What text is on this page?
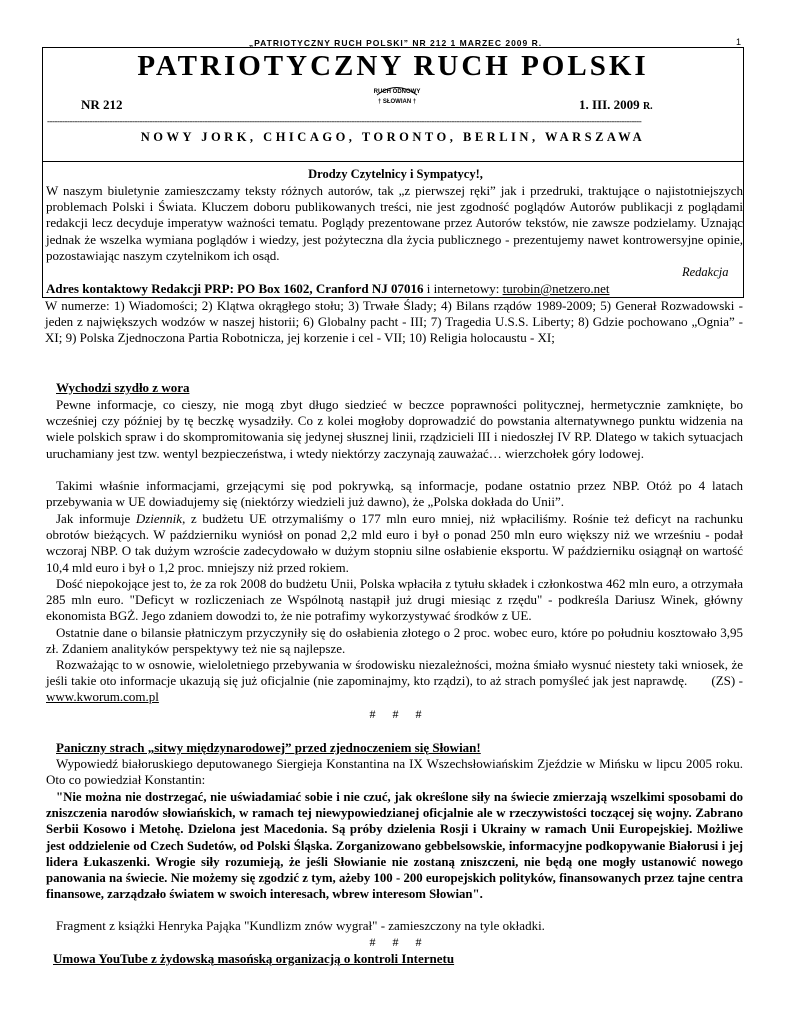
„PATRIOTYCZNY RUCH POLSKI” NR 212 1 MARZEC 2009 R.	1
PATRIOTYCZNY RUCH POLSKI
NR 212
RUCH ODNOWY
† SŁOWIAN †	1. III. 2009 R.
----------------------------------------------------------------------------------------------------------------------------------------------------------------------------------------------------------------------------------------------
NOWY JORK, CHICAGO, TORONTO, BERLIN, WARSZAWA
Drodzy Czytelnicy i Sympatycy!,
W naszym biuletynie zamieszczamy teksty różnych autorów, tak „z pierwszej ręki” jak i przedruki, traktujące o najistotniejszych problemach Polski i Świata. Kluczem doboru publikowanych treści, nie jest zgodność poglądów Autorów publikacji z poglądami redakcji lecz decyduje imperatyw ważności tematu. Poglądy prezentowane przez Autorów tekstów, nie zawsze podzielamy. Uznając jednak że wszelka wymiana poglądów i wiedzy, jest pożyteczna dla życia publicznego - prezentujemy nawet kontrowersyjne opinie, pozostawiając naszym czytelnikom ich osąd.
Redakcja
Adres kontaktowy Redakcji PRP: PO Box 1602, Cranford NJ 07016 i internetowy: turobin@netzero.net
W numerze: 1) Wiadomości; 2) Klątwa okrągłego stołu; 3) Trwałe Ślady; 4) Bilans rządów 1989-2009; 5) Generał Rozwadowski - jeden z największych wodzów w naszej historii; 6) Globalny pacht - III; 7) Tragedia U.S.S. Liberty; 8) Gdzie pochowano „Ognia” - XI; 9) Polska Zjednoczona Partia Robotnicza, jej korzenie i cel - VII; 10) Religia holocaustu - XI;
Wychodzi szydło z wora
Pewne informacje, co cieszy, nie mogą zbyt długo siedzieć w beczce poprawności politycznej, hermetycznie zamknięte, bo wcześniej czy później by tę beczkę wysadziły. Co z kolei mogłoby doprowadzić do powstania alternatywnego punktu widzenia na wiele polskich spraw i do skompromitowania się jedynej słusznej linii, rządzicieli III i niedoszłej IV RP. Dlatego w takich sytuacjach uruchamiany jest tzw. wentyl bezpieczeństwa, i wtedy niektórzy zaczynają zauważać… wierzchołek góry lodowej.
Takimi właśnie informacjami, grzejącymi się pod pokrywką, są informacje, podane ostatnio przez NBP. Otóż po 4 latach przebywania w UE dowiadujemy się (niektórzy wiedzieli już dawno), że „Polska dokłada do Unii”.
Jak informuje Dziennik, z budżetu UE otrzymaliśmy o 177 mln euro mniej, niż wpłaciliśmy. Rośnie też deficyt na rachunku obrotów bieżących. W październiku wyniósł on ponad 2,2 mld euro i był o ponad 250 mln euro większy niż we wrześniu - podał wczoraj NBP. O tak dużym wzroście zadecydowało w dużym stopniu silne osłabienie eksportu. W październiku osiągnął on wartość 10,4 mld euro i był o 1,2 proc. mniejszy niż przed rokiem.
Dość niepokojące jest to, że za rok 2008 do budżetu Unii, Polska wpłaciła z tytułu składek i członkostwa 462 mln euro, a otrzymała 285 mln euro. "Deficyt w rozliczeniach ze Wspólnotą nastąpił już drugi miesiąc z rzędu" - podkreśla Dariusz Winek, główny ekonomista BGŻ. Jego zdaniem dowodzi to, że nie potrafimy wykorzystywać środków z UE.
Ostatnie dane o bilansie płatniczym przyczyniły się do osłabienia złotego o 2 proc. wobec euro, które po południu kosztowało 3,95 zł. Zdaniem analityków perspektywy też nie są najlepsze.
Rozważając to w osnowie, wieloletniego przebywania w środowisku niezależności, można śmiało wysnuć niestety taki wniosek, że jeśli takie oto informacje ukazują się już oficjalnie (nie zapominajmy, kto rządzi), to aż strach pomyśleć jak jest naprawdę. (ZS) - www.kworum.com.pl
# # #
Paniczny strach „sitwy międzynarodowej” przed zjednoczeniem się Słowian!
Wypowiedź białoruskiego deputowanego Siergieja Konstantina na IX Wszechsłowiańskim Zjeździe w Mińsku w lipcu 2005 roku. Oto co powiedział Konstantin:
"Nie można nie dostrzegać, nie uświadamiać sobie i nie czuć, jak określone siły na świecie zmierzają wszelkimi sposobami do zniszczenia narodów słowiańskich, w ramach tej niewypowiedzianej oficjalnie ale w rzeczywistości toczącej się wojny. Zabrano Serbii Kosowo i Metohę. Dzielona jest Macedonia. Są próby dzielenia Rosji i Ukrainy w ramach Unii Europejskiej. Możliwe jest oddzielenie od Czech Sudetów, od Polski Śląska. Zorganizowano gebbelsowskie, informacyjne podkopywanie Białorusi i jej lidera Łukaszenki. Wrogie siły rozumieją, że jeśli Słowianie nie zostaną zniszczeni, nie będą one mogły ustanowić nowego panowania na świecie. Nie możemy się zgodzić z tym, ażeby 100 - 200 europejskich polityków, finansowanych przez tajne centra finansowe, zarządzało światem w swoich interesach, wbrew interesom Słowian".
Fragment z książki Henryka Pająka "Kundlizm znów wygrał" - zamieszczony na tyle okładki.
# # #
Umowa YouTube z żydowską masońską organizacją o kontroli Internetu
